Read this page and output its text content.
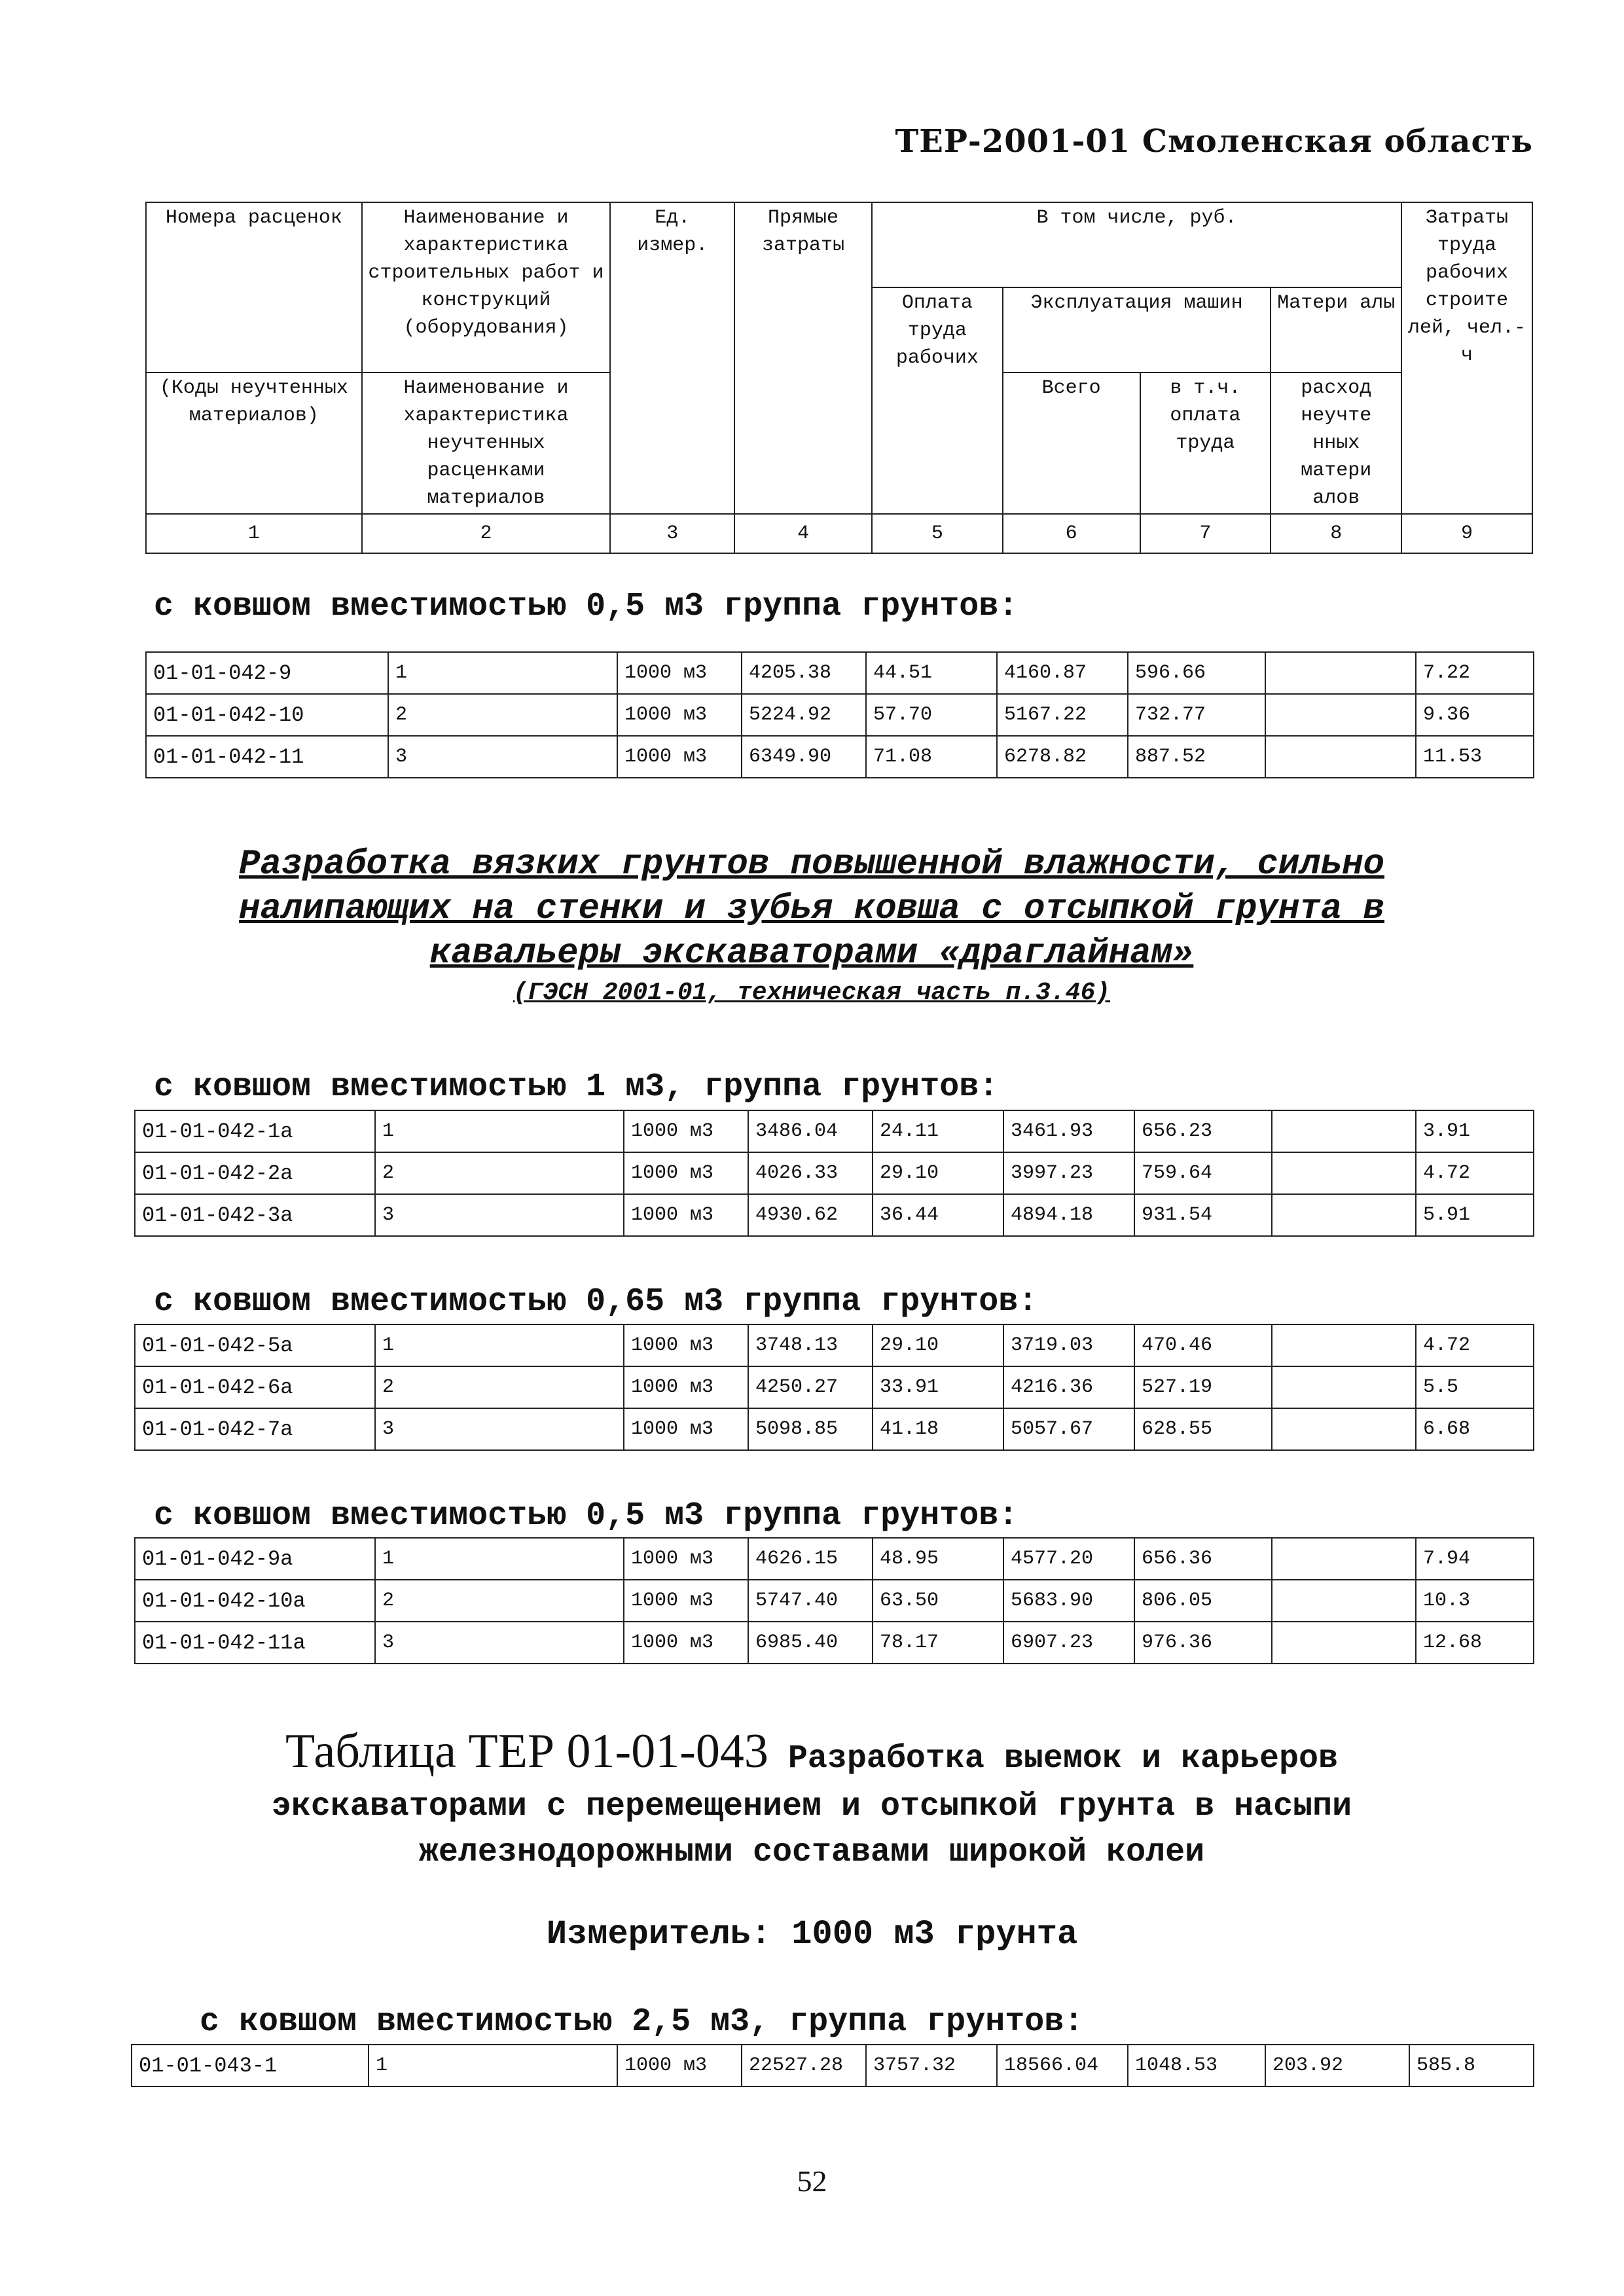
ТЕР-2001-01 Смоленская область
Номера расценок	Наименование и характеристика строительных работ и конструкций (оборудования)	Ед. измер.	Прямые затраты	В том числе, руб.				Затраты труда рабочих строите лей, чел.-ч
				Оплата труда рабочих	Эксплуатация машин		Матери алы	
(Коды неучтенных материалов)	Наименование и характеристика неучтенных расценками материалов				Всего	в т.ч. оплата труда	расход неучте нных матери алов	
1	2	3	4	5	6	7	8	9
с ковшом вместимостью 0,5 м3 группа грунтов:
01-01-042-9	1	1000 м3	4205.38	44.51	4160.87	596.66		7.22
01-01-042-10	2	1000 м3	5224.92	57.70	5167.22	732.77		9.36
01-01-042-11	3	1000 м3	6349.90	71.08	6278.82	887.52		11.53
Разработка вязких грунтов повышенной влажности, сильно
налипающих на стенки и зубья ковша с отсыпкой грунта в
кавальеры экскаваторами «драглайнам»
(ГЭСН 2001-01, техническая часть п.3.46)
с ковшом вместимостью 1 м3, группа грунтов:
01-01-042-1а	1	1000 м3	3486.04	24.11	3461.93	656.23		3.91
01-01-042-2а	2	1000 м3	4026.33	29.10	3997.23	759.64		4.72
01-01-042-3а	3	1000 м3	4930.62	36.44	4894.18	931.54		5.91
с ковшом вместимостью 0,65 м3 группа грунтов:
01-01-042-5а	1	1000 м3	3748.13	29.10	3719.03	470.46		4.72
01-01-042-6а	2	1000 м3	4250.27	33.91	4216.36	527.19		5.5
01-01-042-7а	3	1000 м3	5098.85	41.18	5057.67	628.55		6.68
с ковшом вместимостью 0,5 м3 группа грунтов:
01-01-042-9а	1	1000 м3	4626.15	48.95	4577.20	656.36		7.94
01-01-042-10а	2	1000 м3	5747.40	63.50	5683.90	806.05		10.3
01-01-042-11а	3	1000 м3	6985.40	78.17	6907.23	976.36		12.68
Таблица ТЕР 01-01-043 Разработка выемок и карьеров
экскаваторами с перемещением и отсыпкой грунта в насыпи
железнодорожными составами широкой колеи
Измеритель: 1000 м3 грунта
с ковшом вместимостью 2,5 м3, группа грунтов:
01-01-043-1	1	1000 м3	22527.28	3757.32	18566.04	1048.53	203.92	585.8
52
